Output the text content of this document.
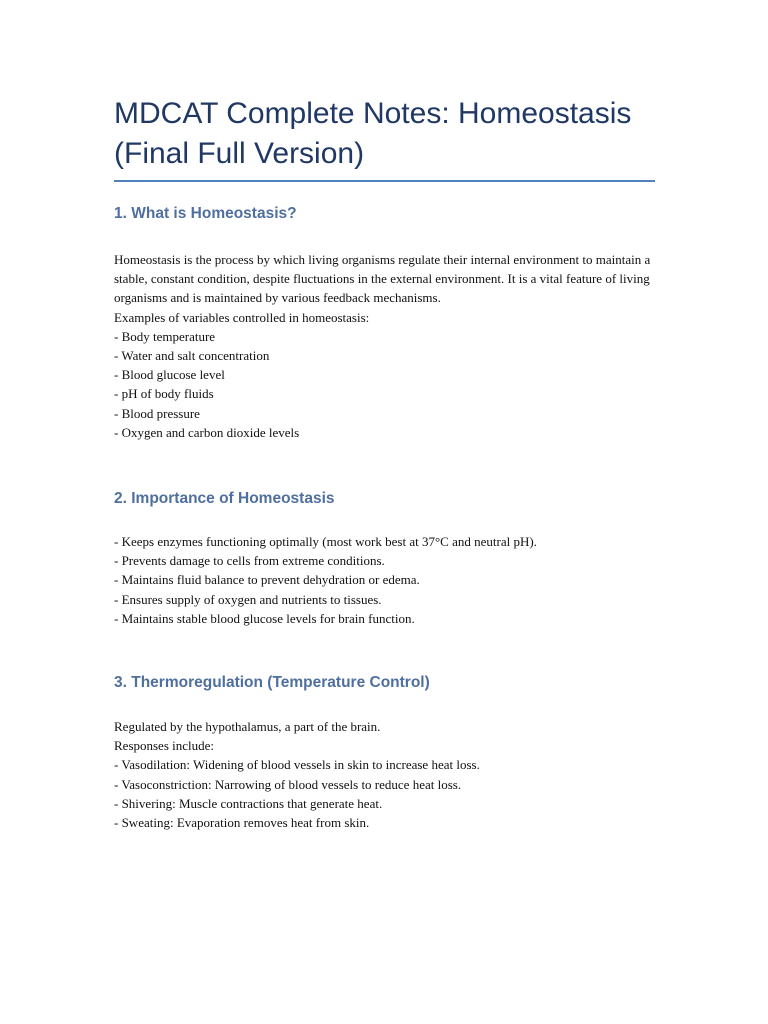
MDCAT Complete Notes: Homeostasis (Final Full Version)
1. What is Homeostasis?

Homeostasis is the process by which living organisms regulate their internal environment to maintain a stable, constant condition, despite fluctuations in the external environment. It is a vital feature of living organisms and is maintained by various feedback mechanisms.

Examples of variables controlled in homeostasis:

- Body temperature
- Water and salt concentration
- Blood glucose level
- pH of body fluids
- Blood pressure
- Oxygen and carbon dioxide levels
2. Importance of Homeostasis
- Keeps enzymes functioning optimally (most work best at 37°C and neutral pH).
- Prevents damage to cells from extreme conditions.
- Maintains fluid balance to prevent dehydration or edema.
- Ensures supply of oxygen and nutrients to tissues.
- Maintains stable blood glucose levels for brain function.
3. Thermoregulation (Temperature Control)

Regulated by the hypothalamus, a part of the brain.

Responses include:

- Vasodilation: Widening of blood vessels in skin to increase heat loss.
- Vasoconstriction: Narrowing of blood vessels to reduce heat loss.
- Shivering: Muscle contractions that generate heat.
- Sweating: Evaporation removes heat from skin.
